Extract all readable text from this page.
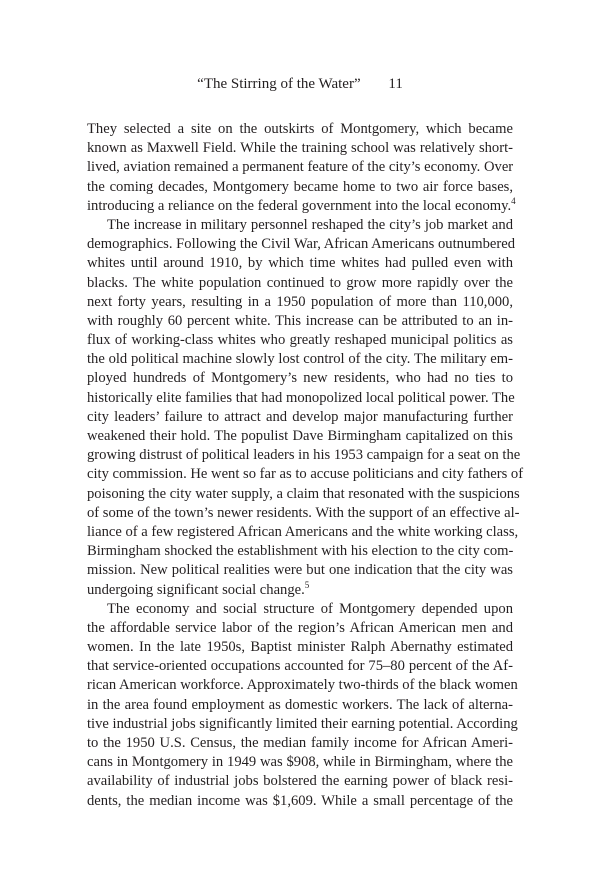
“The Stirring of the Water” 11
They selected a site on the outskirts of Montgomery, which became
known as Maxwell Field. While the training school was relatively short-
lived, aviation remained a permanent feature of the city’s economy. Over
the coming decades, Montgomery became home to two air force bases,
introducing a reliance on the federal government into the local economy.$^4$
The increase in military personnel reshaped the city’s job market and
demographics. Following the Civil War, African Americans outnumbered
whites until around 1910, by which time whites had pulled even with
blacks. The white population continued to grow more rapidly over the
next forty years, resulting in a 1950 population of more than 110,000,
with roughly 60 percent white. This increase can be attributed to an in-
flux of working-class whites who greatly reshaped municipal politics as
the old political machine slowly lost control of the city. The military em-
ployed hundreds of Montgomery’s new residents, who had no ties to
historically elite families that had monopolized local political power. The
city leaders’ failure to attract and develop major manufacturing further
weakened their hold. The populist Dave Birmingham capitalized on this
growing distrust of political leaders in his 1953 campaign for a seat on the
city commission. He went so far as to accuse politicians and city fathers of
poisoning the city water supply, a claim that resonated with the suspicions
of some of the town’s newer residents. With the support of an effective al-
liance of a few registered African Americans and the white working class,
Birmingham shocked the establishment with his election to the city com-
mission. New political realities were but one indication that the city was
undergoing significant social change.$^5$
The economy and social structure of Montgomery depended upon
the affordable service labor of the region’s African American men and
women. In the late 1950s, Baptist minister Ralph Abernathy estimated
that service-oriented occupations accounted for 75–80 percent of the Af-
rican American workforce. Approximately two-thirds of the black women
in the area found employment as domestic workers. The lack of alterna-
tive industrial jobs significantly limited their earning potential. According
to the 1950 U.S. Census, the median family income for African Ameri-
cans in Montgomery in 1949 was $908, while in Birmingham, where the
availability of industrial jobs bolstered the earning power of black resi-
dents, the median income was $1,609. While a small percentage of the
